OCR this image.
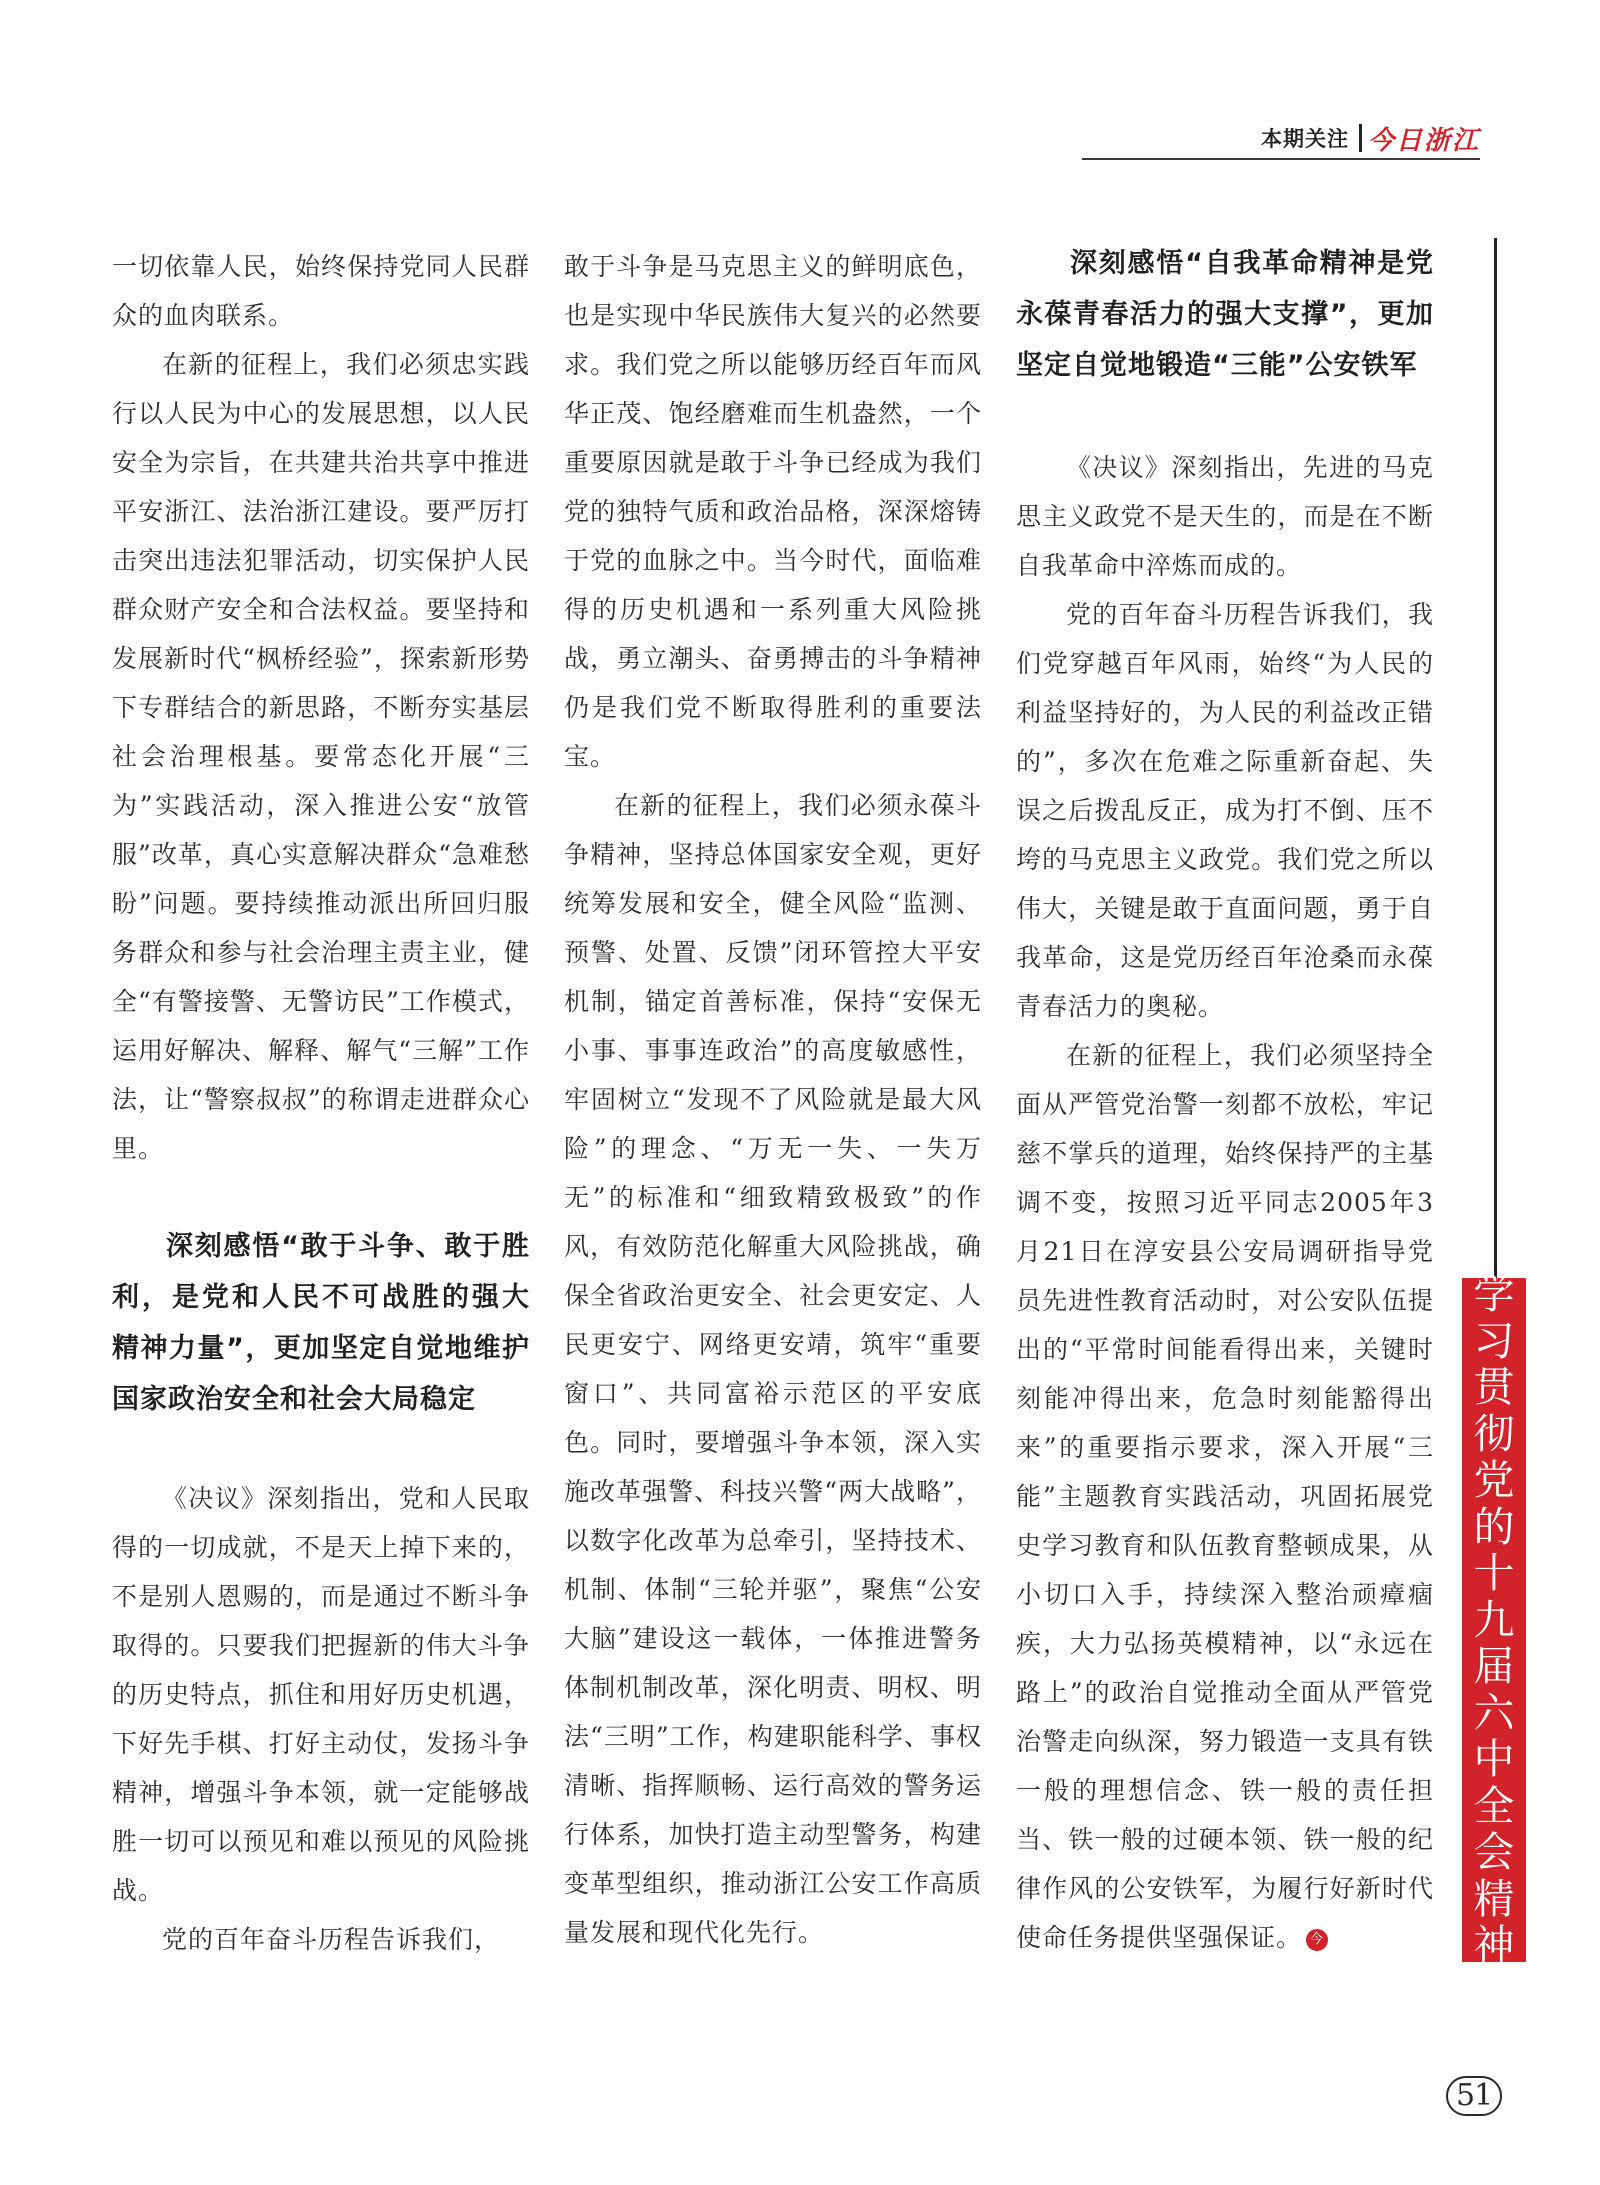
本期关注 今日浙江

一切依靠人民，始终保持党同人民群众的血肉联系。

在新的征程上，我们必须忠实践行以人民为中心的发展思想，以人民安全为宗旨，在共建共治共享中推进平安浙江、法治浙江建设。要严厉打击突出违法犯罪活动，切实保护人民群众财产安全和合法权益。要坚持和发展新时代“枫桥经验”，探索新形势下专群结合的新思路，不断夯实基层社会治理根基。要常态化开展“三为”实践活动，深入推进公安“放管服”改革，真心实意解决群众“急难愁盼”问题。要持续推动派出所回归服务群众和参与社会治理主责主业，健全“有警接警、无警访民”工作模式，运用好解决、解释、解气“三解”工作法，让“警察叔叔”的称谓走进群众心里。

深刻感悟“敢于斗争、敢于胜利，是党和人民不可战胜的强大精神力量”，更加坚定自觉地维护国家政治安全和社会大局稳定

《决议》深刻指出，党和人民取得的一切成就，不是天上掉下来的，不是别人恩赐的，而是通过不断斗争取得的。只要我们把握新的伟大斗争的历史特点，抓住和用好历史机遇，下好先手棋、打好主动仗，发扬斗争精神，增强斗争本领，就一定能够战胜一切可以预见和难以预见的风险挑战。

党的百年奋斗历程告诉我们，

敢于斗争是马克思主义的鲜明底色，也是实现中华民族伟大复兴的必然要求。我们党之所以能够历经百年而风华正茂、饱经磨难而生机盎然，一个重要原因就是敢于斗争已经成为我们党的独特气质和政治品格，深深熔铸于党的血脉之中。当今时代，面临难得的历史机遇和一系列重大风险挑战，勇立潮头、奋勇搏击的斗争精神仍是我们党不断取得胜利的重要法宝。

在新的征程上，我们必须永葆斗争精神，坚持总体国家安全观，更好统筹发展和安全，健全风险“监测、预警、处置、反馈”闭环管控大平安机制，锚定首善标准，保持“安保无小事、事事连政治”的高度敏感性，牢固树立“发现不了风险就是最大风险”的理念、“万无一失、一失万无”的标准和“细致精致极致”的作风，有效防范化解重大风险挑战，确保全省政治更安全、社会更安定、人民更安宁、网络更安靖，筑牢“重要窗口”、共同富裕示范区的平安底色。同时，要增强斗争本领，深入实施改革强警、科技兴警“两大战略”，以数字化改革为总牵引，坚持技术、机制、体制“三轮并驱”，聚焦“公安大脑”建设这一载体，一体推进警务体制机制改革，深化明责、明权、明法“三明”工作，构建职能科学、事权清晰、指挥顺畅、运行高效的警务运行体系，加快打造主动型警务，构建变革型组织，推动浙江公安工作高质量发展和现代化先行。

深刻感悟“自我革命精神是党永葆青春活力的强大支撑”，更加坚定自觉地锻造“三能”公安铁军

《决议》深刻指出，先进的马克思主义政党不是天生的，而是在不断自我革命中淬炼而成的。

党的百年奋斗历程告诉我们，我们党穿越百年风雨，始终“为人民的利益坚持好的，为人民的利益改正错的”，多次在危难之际重新奋起、失误之后拨乱反正，成为打不倒、压不垮的马克思主义政党。我们党之所以伟大，关键是敢于直面问题，勇于自我革命，这是党历经百年沧桑而永葆青春活力的奥秘。

在新的征程上，我们必须坚持全面从严管党治警一刻都不放松，牢记慈不掌兵的道理，始终保持严的主基调不变，按照习近平同志2005年3月21日在淳安县公安局调研指导党员先进性教育活动时，对公安队伍提出的“平常时间能看得出来，关键时刻能冲得出来，危急时刻能豁得出来”的重要指示要求，深入开展“三能”主题教育实践活动，巩固拓展党史学习教育和队伍教育整顿成果，从小切口入手，持续深入整治顽瘴痼疾，大力弘扬英模精神，以“永远在路上”的政治自觉推动全面从严管党治警走向纵深，努力锻造一支具有铁一般的理想信念、铁一般的责任担当、铁一般的过硬本领、铁一般的纪律作风的公安铁军，为履行好新时代使命任务提供坚强保证。 今

学
习
贯
彻
党
的
十
九
届
六
中
全
会
精
神
51
